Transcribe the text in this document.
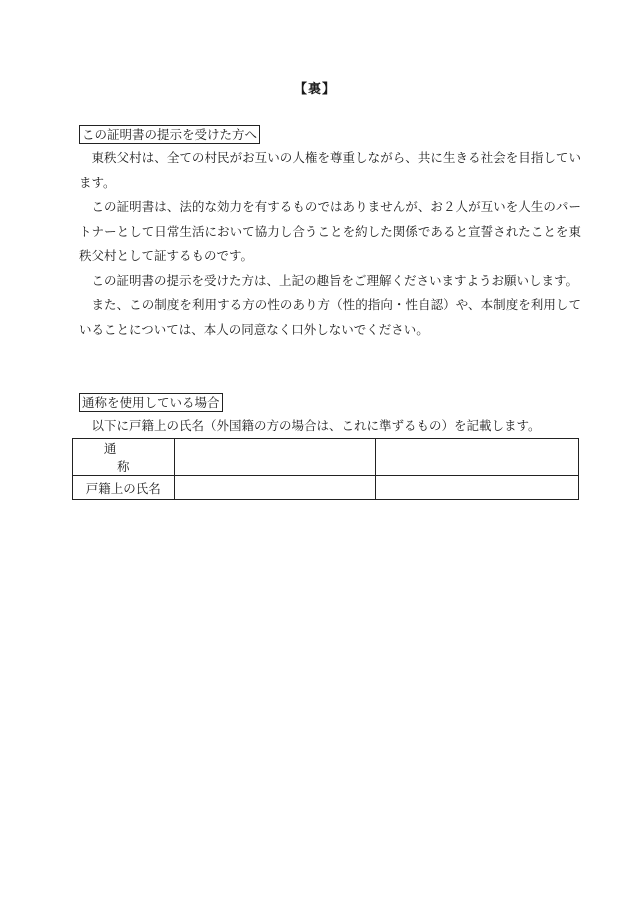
【裏】
この証明書の提示を受けた方へ

東秩父村は、全ての村民がお互いの人権を尊重しながら、共に生きる社会を目指しています。

この証明書は、法的な効力を有するものではありませんが、お２人が互いを人生のパートナーとして日常生活において協力し合うことを約した関係であると宣誓されたことを東秩父村として証するものです。

この証明書の提示を受けた方は、上記の趣旨をご理解くださいますようお願いします。

また、この制度を利用する方の性のあり方（性的指向・性自認）や、本制度を利用していることについては、本人の同意なく口外しないでください。

通称を使用している場合
以下に戸籍上の氏名（外国籍の方の場合は、これに準ずるもの）を記載します。
通　称		
戸籍上の氏名		
